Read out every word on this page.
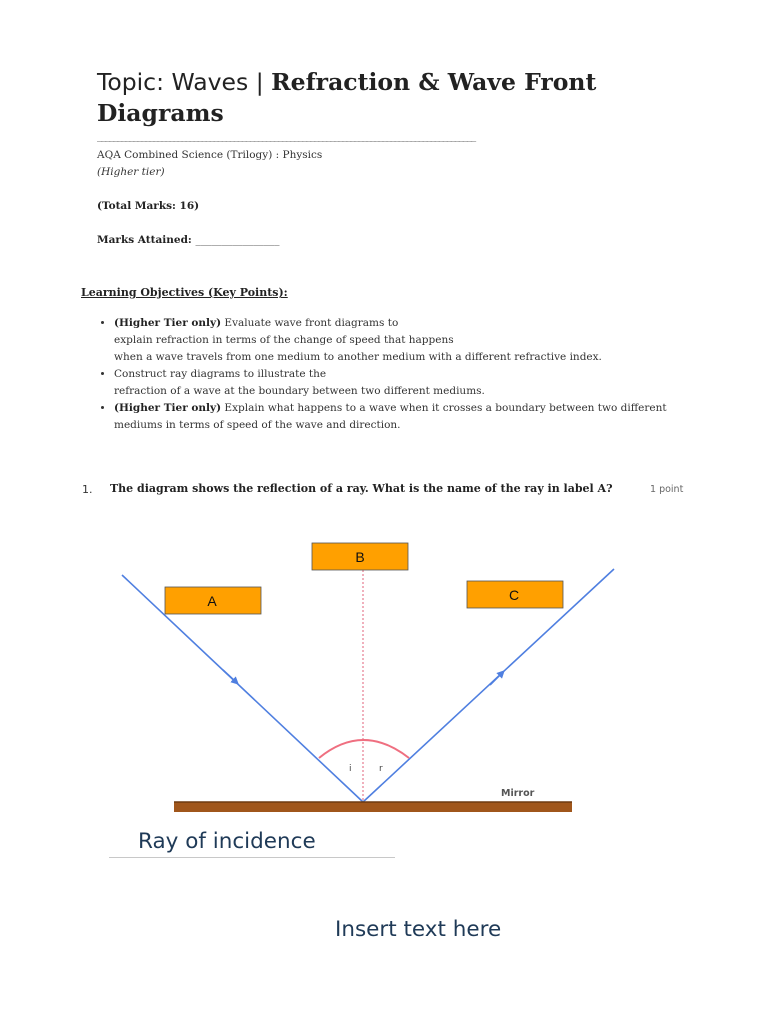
Topic: Waves | Refraction & Wave Front Diagrams
______________________________________________________________________________________________
AQA Combined Science (Trilogy) : Physics
(Higher tier)
(Total Marks: 16)
Marks Attained: ________________
Learning Objectives (Key Points):
• (Higher Tier only) Evaluate wave front diagrams to
explain refraction in terms of the change of speed that happens
when a wave travels from one medium to another medium with a different refractive index.
• Construct ray diagrams to illustrate the
refraction of a wave at the boundary between two different mediums.
• (Higher Tier only) Explain what happens to a wave when it crosses a boundary between two different
mediums in terms of speed of the wave and direction.
1. The diagram shows the reflection of a ray. What is the name of the ray in label A?	1 point
i	r
Mirror
B
A	C
Ray of incidence
Insert text here
